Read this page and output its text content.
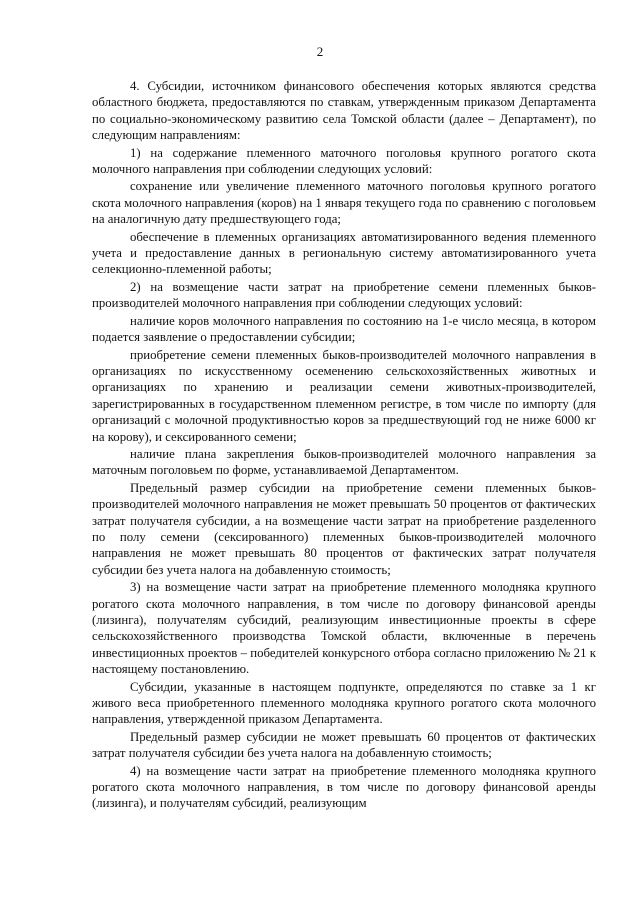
2

4. Субсидии, источником финансового обеспечения которых являются средства областного бюджета, предоставляются по ставкам, утвержденным приказом Департамента по социально-экономическому развитию села Томской области (далее – Департамент), по следующим направлениям:

1) на содержание племенного маточного поголовья крупного рогатого скота молочного направления при соблюдении следующих условий:

сохранение или увеличение племенного маточного поголовья крупного рогатого скота молочного направления (коров) на 1 января текущего года по сравнению с поголовьем на аналогичную дату предшествующего года;

обеспечение в племенных организациях автоматизированного ведения племенного учета и предоставление данных в региональную систему автоматизированного учета селекционно-племенной работы;

2) на возмещение части затрат на приобретение семени племенных быков-производителей молочного направления при соблюдении следующих условий:

наличие коров молочного направления по состоянию на 1-е число месяца, в котором подается заявление о предоставлении субсидии;

приобретение семени племенных быков-производителей молочного направления в организациях по искусственному осеменению сельскохозяйственных животных и организациях по хранению и реализации семени животных-производителей, зарегистрированных в государственном племенном регистре, в том числе по импорту (для организаций с молочной продуктивностью коров за предшествующий год не ниже 6000 кг на корову), и сексированного семени;

наличие плана закрепления быков-производителей молочного направления за маточным поголовьем по форме, устанавливаемой Департаментом.

Предельный размер субсидии на приобретение семени племенных быков-производителей молочного направления не может превышать 50 процентов от фактических затрат получателя субсидии, а на возмещение части затрат на приобретение разделенного по полу семени (сексированного) племенных быков-производителей молочного направления не может превышать 80 процентов от фактических затрат получателя субсидии без учета налога на добавленную стоимость;

3) на возмещение части затрат на приобретение племенного молодняка крупного рогатого скота молочного направления, в том числе по договору финансовой аренды (лизинга), получателям субсидий, реализующим инвестиционные проекты в сфере сельскохозяйственного производства Томской области, включенные в перечень инвестиционных проектов – победителей конкурсного отбора согласно приложению № 21 к настоящему постановлению.

Субсидии, указанные в настоящем подпункте, определяются по ставке за 1 кг живого веса приобретенного племенного молодняка крупного рогатого скота молочного направления, утвержденной приказом Департамента.

Предельный размер субсидии не может превышать 60 процентов от фактических затрат получателя субсидии без учета налога на добавленную стоимость;

4) на возмещение части затрат на приобретение племенного молодняка крупного рогатого скота молочного направления, в том числе по договору финансовой аренды (лизинга), и получателям субсидий, реализующим
